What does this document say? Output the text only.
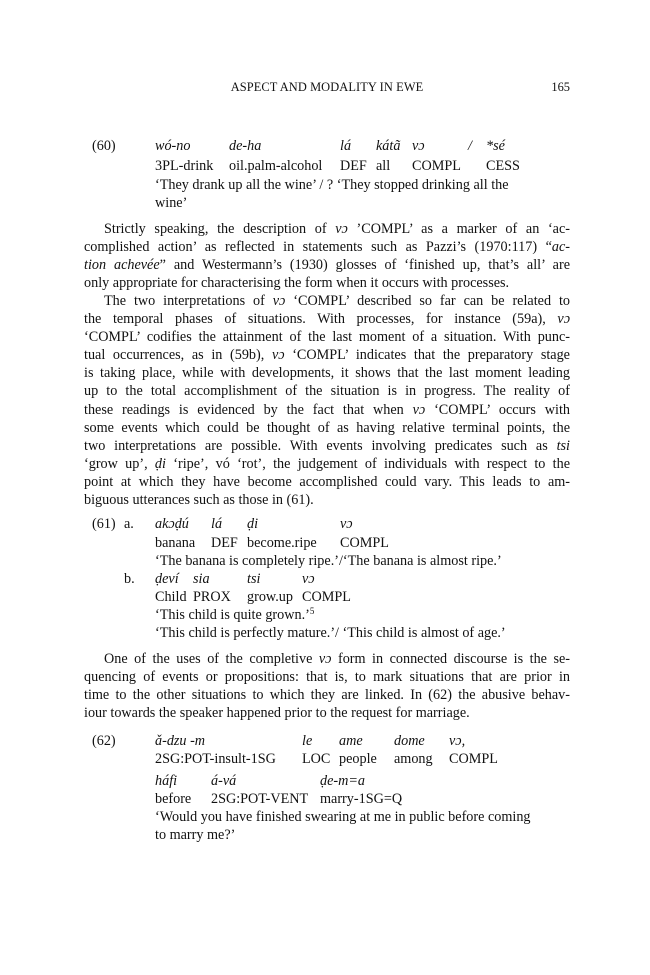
ASPECT AND MODALITY IN EWE	165
(60)	wó-no	de-ha	lá kátã vɔ	/ *sé
3PL-drink oil.palm-alcohol DEF all COMPL CESS
‘They drank up all the wine’ / ? ‘They stopped drinking all the
wine’
Strictly speaking, the description of vɔ ’COMPL’ as a marker of an ‘ac-
complished action’ as reflected in statements such as Pazzi’s (1970:117) “ac-
tion achevée” and Westermann’s (1930) glosses of ‘finished up, that’s all’ are
only appropriate for characterising the form when it occurs with processes.
The two interpretations of vɔ ‘COMPL’ described so far can be related to
the temporal phases of situations. With processes, for instance (59a), vɔ
‘COMPL’ codifies the attainment of the last moment of a situation. With punc-
tual occurrences, as in (59b), vɔ ‘COMPL’ indicates that the preparatory stage
is taking place, while with developments, it shows that the last moment leading
up to the total accomplishment of the situation is in progress. The reality of
these readings is evidenced by the fact that when vɔ ‘COMPL’ occurs with
some events which could be thought of as having relative terminal points, the
two interpretations are possible. With events involving predicates such as tsi
‘grow up’, ḍi ‘ripe’, vó ‘rot’, the judgement of individuals with respect to the
point at which they have become accomplished could vary. This leads to am-
biguous utterances such as those in (61).
(61) a. akɔḍú lá ḍi	vɔ
banana DEF become.ripe COMPL
‘The banana is completely ripe.’/‘The banana is almost ripe.’
b. ḍeví sia	tsi	vɔ
Child PROX grow.up COMPL
‘This child is quite grown.’$^5$
‘This child is perfectly mature.’/ ‘This child is almost of age.’
One of the uses of the completive vɔ form in connected discourse is the se-
quencing of events or propositions: that is, to mark situations that are prior in
time to the other situations to which they are linked. In (62) the abusive behav-
iour towards the speaker happened prior to the request for marriage.
(62)	ǎ-dzu -m	le ame dome vɔ,
2SG:POT-insult-1SG LOC people among COMPL
háfi á-vá	ḍe-m=a
before 2SG:POT-VENT marry-1SG=Q
‘Would you have finished swearing at me in public before coming
to marry me?’
